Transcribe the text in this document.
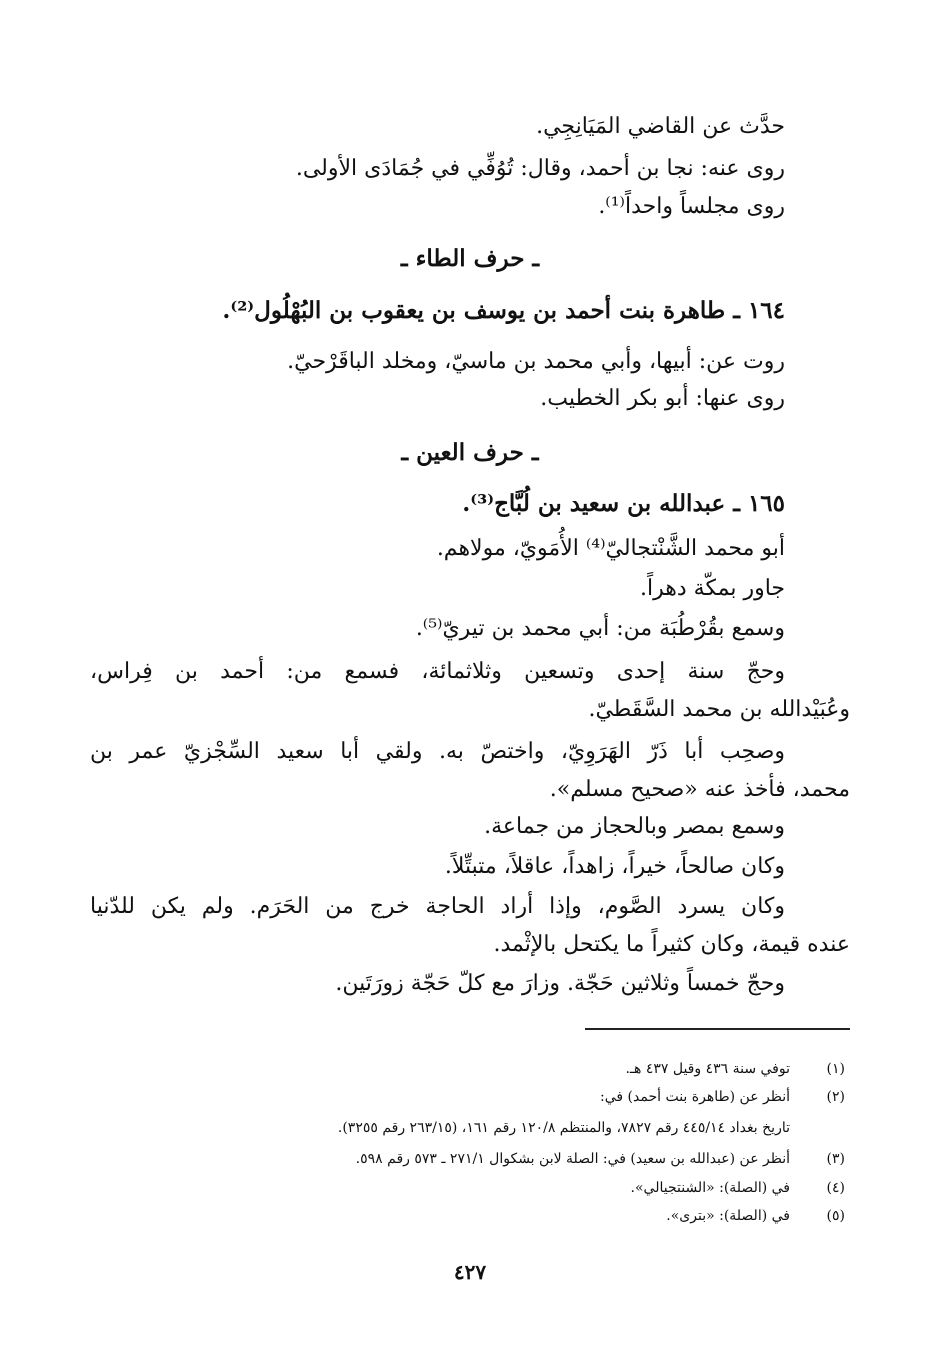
حدَّث عن القاضي المَيَانِجِي.
روى عنه: نجا بن أحمد، وقال: تُوُفِّي في جُمَادَى الأولى.
روى مجلساً واحداً⁽¹⁾.
ـ حرف الطاء ـ
١٦٤ ـ طاهرة بنت أحمد بن يوسف بن يعقوب بن البُهْلُول⁽²⁾.
روت عن: أبيها، وأبي محمد بن ماسيّ، ومخلد الباقَرْحيّ.
روى عنها: أبو بكر الخطيب.
ـ حرف العين ـ
١٦٥ ـ عبدالله بن سعيد بن لُبَّاج⁽³⁾.
أبو محمد الشَّنْتجاليّ⁽⁴⁾ الأُمَويّ، مولاهم.
جاور بمكّة دهراً.
وسمع بقُرْطُبَة من: أبي محمد بن تيريّ⁽⁵⁾.
وحجّ سنة إحدى وتسعين وثلاثمائة، فسمع من: أحمد بن فِراس،
وعُبَيْدالله بن محمد السَّقَطيّ.
وصحِب أبا ذَرّ الهَرَوِيّ، واختصّ به. ولقي أبا سعيد السِّجْزيّ عمر بن
محمد، فأخذ عنه «صحيح مسلم».
وسمع بمصر وبالحجاز من جماعة.
وكان صالحاً، خيراً، زاهداً، عاقلاً، متبتِّلاً.
وكان يسرد الصَّوم، وإذا أراد الحاجة خرج من الحَرَم. ولم يكن للدّنيا
عنده قيمة، وكان كثيراً ما يكتحل بالإثْمد.
وحجّ خمساً وثلاثين حَجّة. وزارَ مع كلّ حَجّة زورَتَين.
(١)
توفي سنة ٤٣٦ وقيل ٤٣٧ هـ.
(٢)
أنظر عن (طاهرة بنت أحمد) في:
تاريخ بغداد ٤٤٥/١٤ رقم ٧٨٢٧، والمنتظم ١٢٠/٨ رقم ١٦١، (٢٦٣/١٥ رقم ٣٢٥٥).
(٣)
أنظر عن (عبدالله بن سعيد) في: الصلة لابن بشكوال ٢٧١/١ ـ ٥٧٣ رقم ٥٩٨.
(٤)
في (الصلة): «الشنتجيالي».
(٥)
في (الصلة): «بترى».
٤٢٧
